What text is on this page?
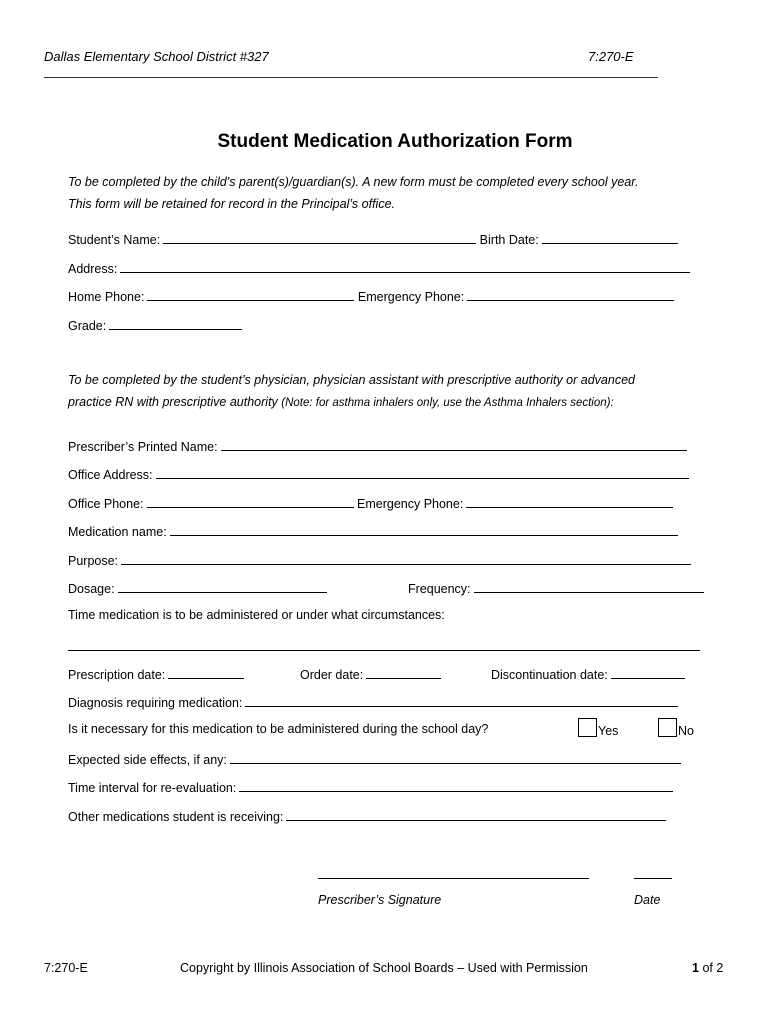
Dallas Elementary School District #327	7:270-E
Student Medication Authorization Form
To be completed by the child’s parent(s)/guardian(s). A new form must be completed every school year.
This form will be retained for record in the Principal’s office.
Student’s Name:	Birth Date:
Address:
Home Phone:	Emergency Phone:
Grade:
To be completed by the student’s physician, physician assistant with prescriptive authority or advanced
practice RN with prescriptive authority (Note: for asthma inhalers only, use the Asthma Inhalers section):
Prescriber’s Printed Name:
Office Address:
Office Phone:	Emergency Phone:
Medication name:
Purpose:
Dosage:	Frequency:
Time medication is to be administered or under what circumstances:
Prescription date:	Order date:	Discontinuation date:
Diagnosis requiring medication:
Is it necessary for this medication to be administered during the school day?	Yes	No
Expected side effects, if any:
Time interval for re-evaluation:
Other medications student is receiving:
Prescriber’s Signature	Date
7:270-E	Copyright by Illinois Association of School Boards – Used with Permission	1 of 2
